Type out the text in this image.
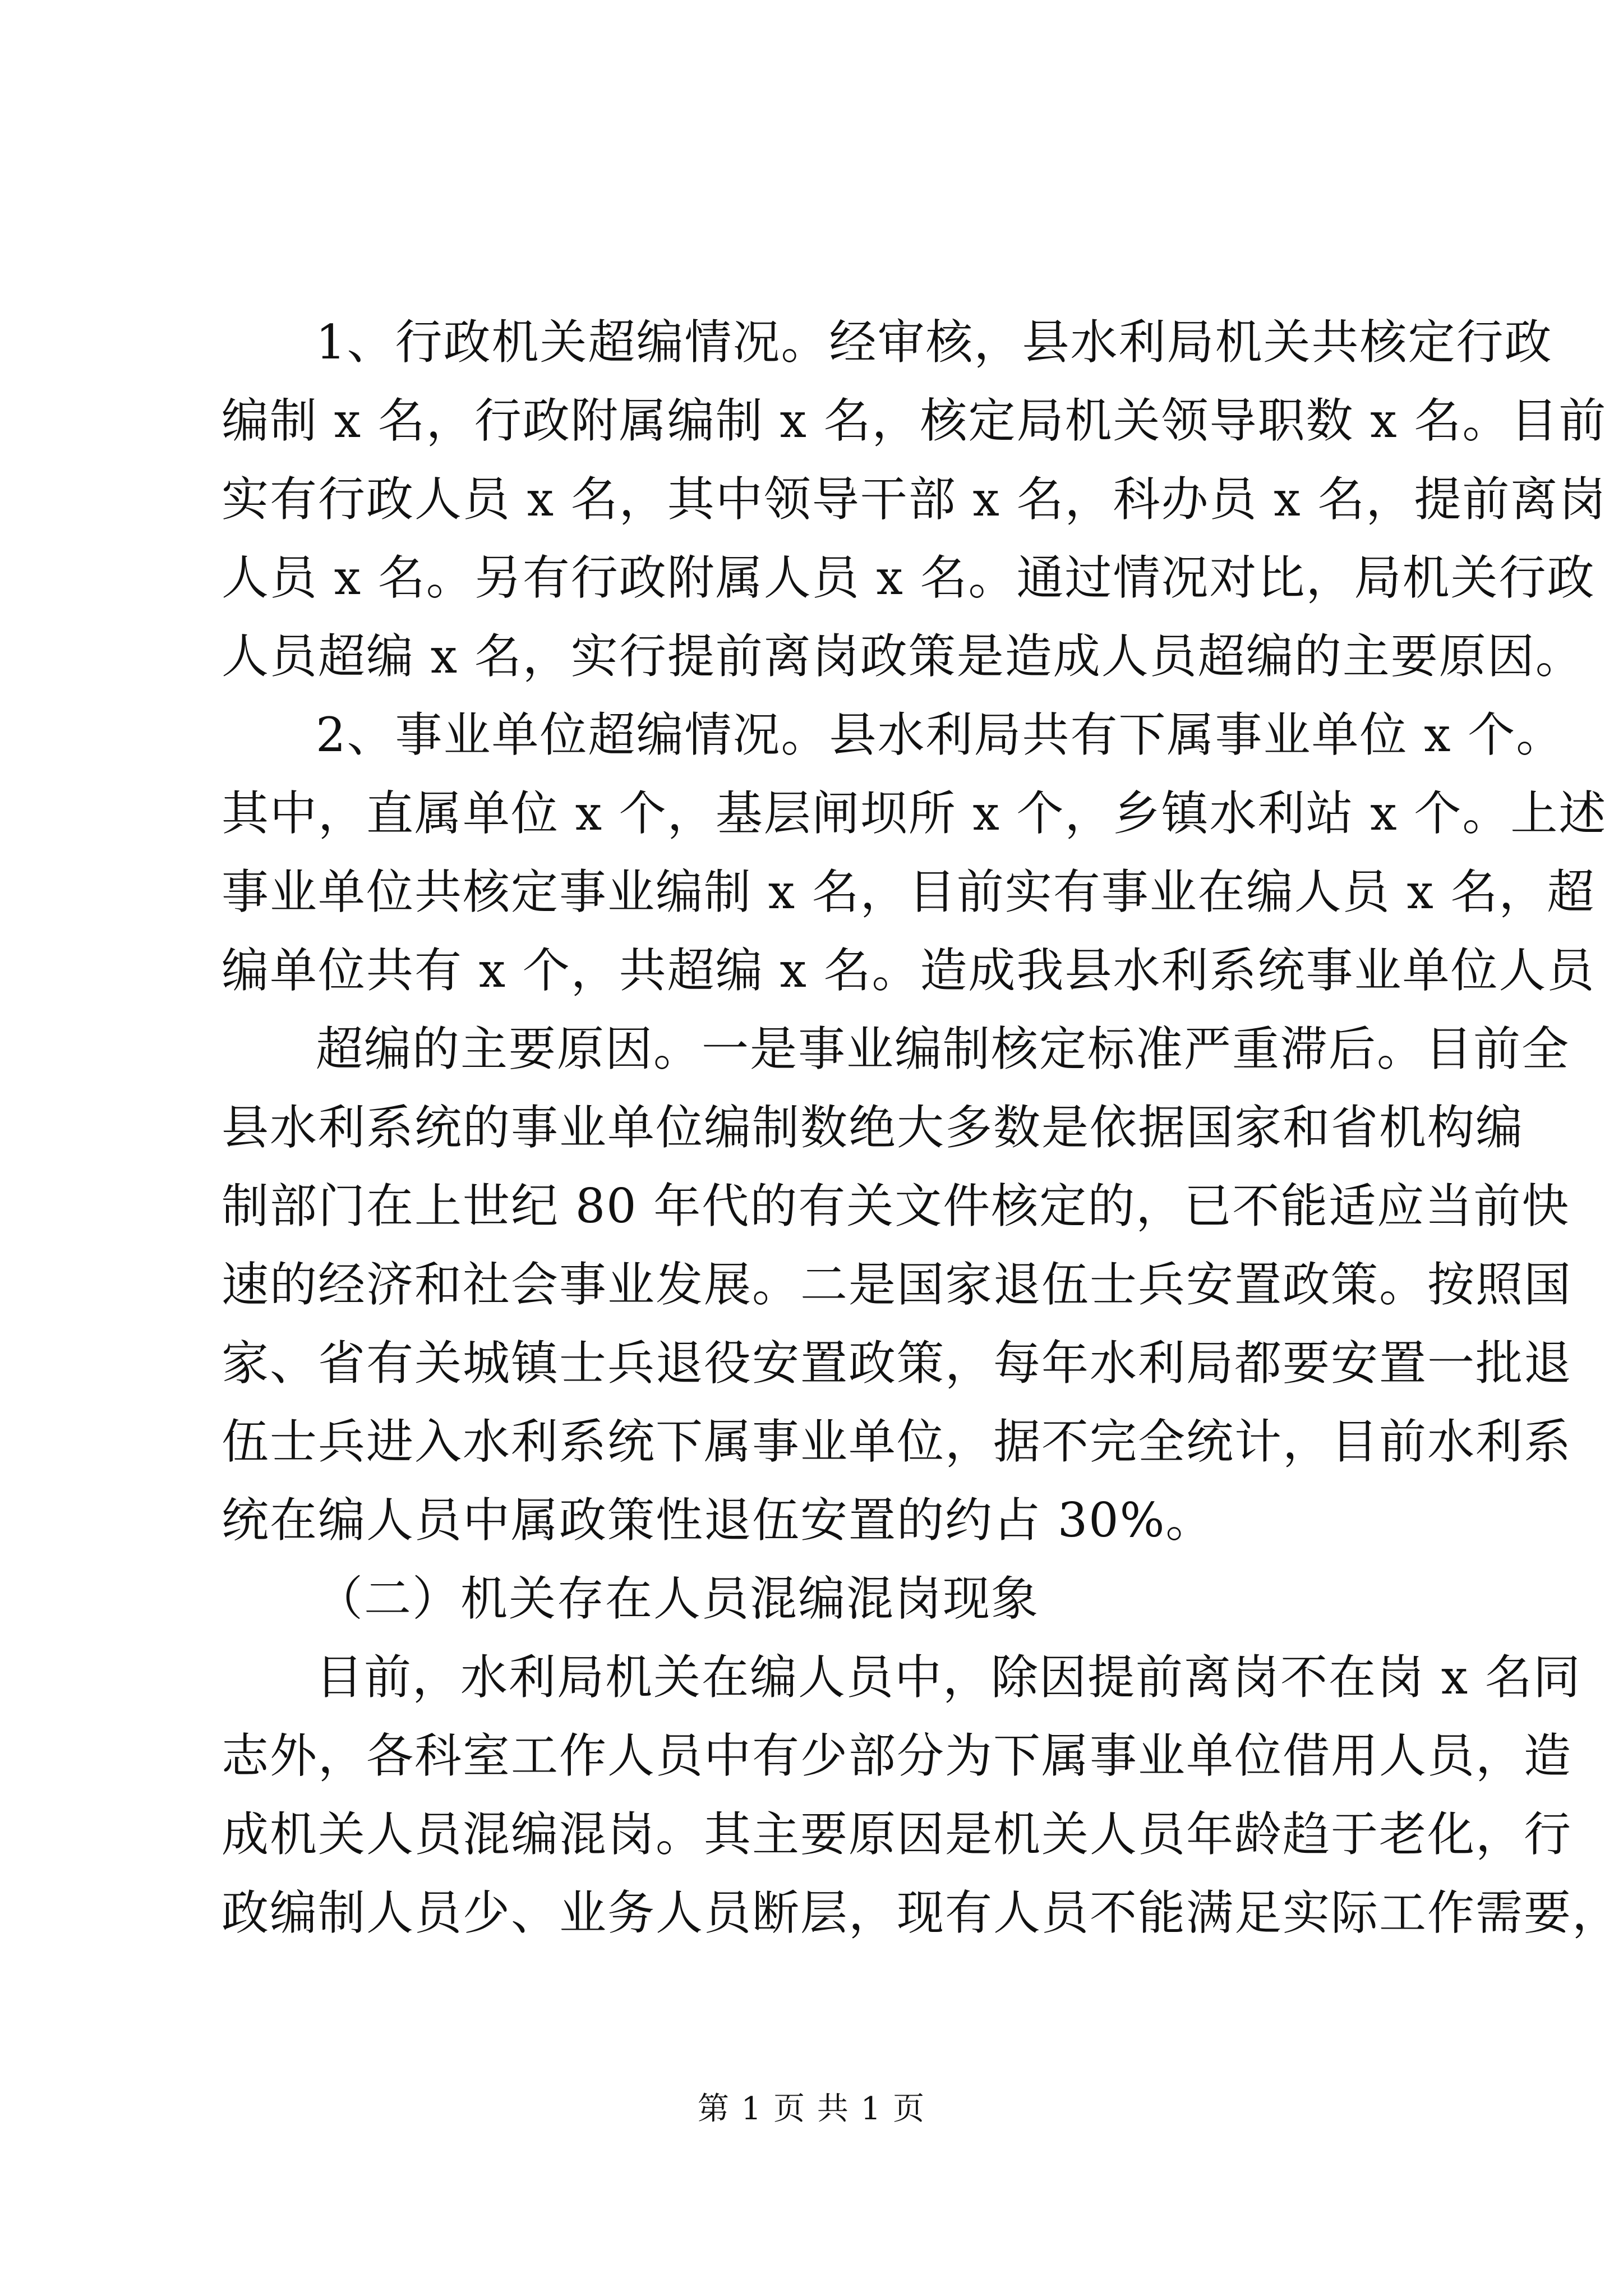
1、行政机关超编情况。经审核，县水利局机关共核定行政
编制 x 名，行政附属编制 x 名，核定局机关领导职数 x 名。目前
实有行政人员 x 名，其中领导干部 x 名，科办员 x 名，提前离岗
人员 x 名。另有行政附属人员 x 名。通过情况对比，局机关行政
人员超编 x 名，实行提前离岗政策是造成人员超编的主要原因。
2、事业单位超编情况。县水利局共有下属事业单位 x 个。
其中，直属单位 x 个，基层闸坝所 x 个，乡镇水利站 x 个。上述
事业单位共核定事业编制 x 名，目前实有事业在编人员 x 名，超
编单位共有 x 个，共超编 x 名。造成我县水利系统事业单位人员
超编的主要原因。一是事业编制核定标准严重滞后。目前全
县水利系统的事业单位编制数绝大多数是依据国家和省机构编
制部门在上世纪 80 年代的有关文件核定的，已不能适应当前快
速的经济和社会事业发展。二是国家退伍士兵安置政策。按照国
家、省有关城镇士兵退役安置政策，每年水利局都要安置一批退
伍士兵进入水利系统下属事业单位，据不完全统计，目前水利系
统在编人员中属政策性退伍安置的约占 30%。
（二）机关存在人员混编混岗现象
目前，水利局机关在编人员中，除因提前离岗不在岗 x 名同
志外，各科室工作人员中有少部分为下属事业单位借用人员，造
成机关人员混编混岗。其主要原因是机关人员年龄趋于老化，行
政编制人员少、业务人员断层，现有人员不能满足实际工作需要，
第 1 页 共 1 页
